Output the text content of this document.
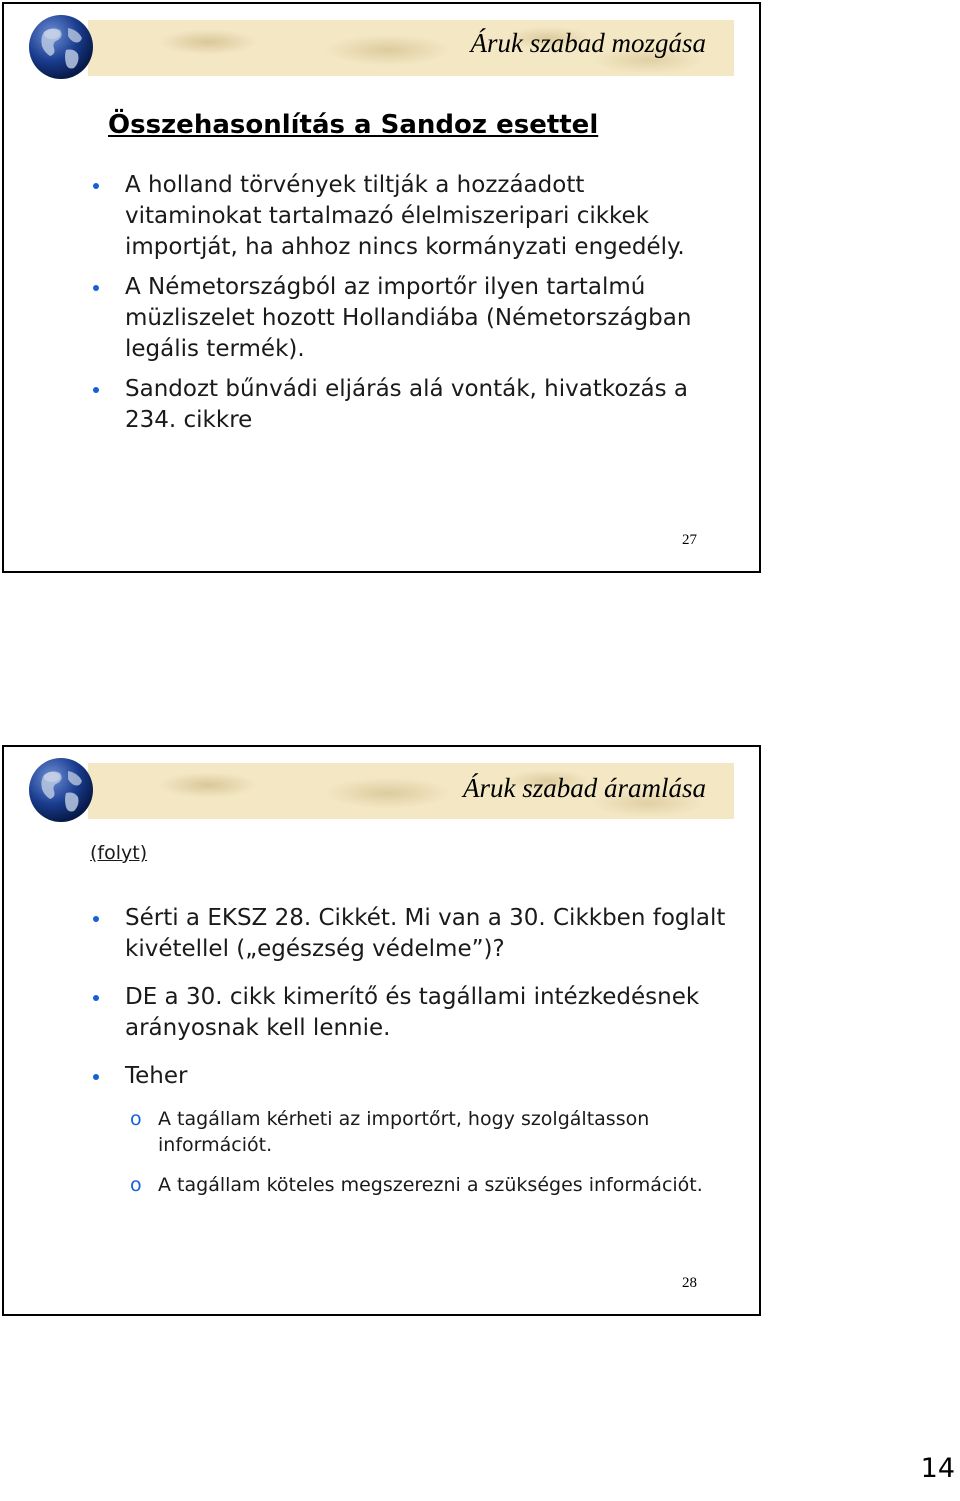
Áruk szabad mozgása
Összehasonlítás a Sandoz esettel
A holland törvények tiltják a hozzáadott vitaminokat tartalmazó élelmiszeripari cikkek importját, ha ahhoz nincs kormányzati engedély.
A Németországból az importőr ilyen tartalmú müzliszelet hozott Hollandiába (Németországban legális termék).
Sandozt bűnvádi eljárás alá vonták, hivatkozás a 234. cikkre
27
Áruk szabad áramlása
(folyt)
Sérti a EKSZ 28. Cikkét. Mi van a 30. Cikkben foglalt kivétellel („egészség védelme”)?
DE a 30. cikk kimerítő és tagállami intézkedésnek arányosnak kell lennie.
Teher
o A tagállam kérheti az importőrt, hogy szolgáltasson információt.
o A tagállam köteles megszerezni a szükséges információt.
28
14
